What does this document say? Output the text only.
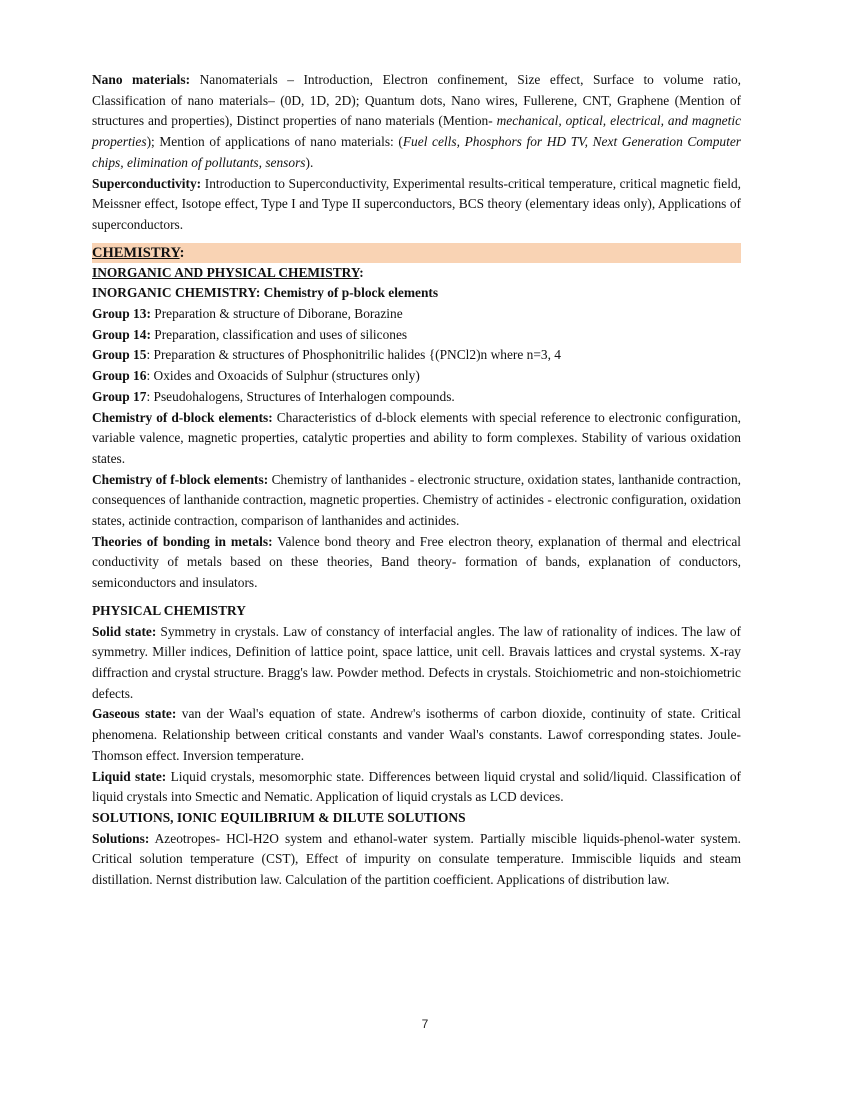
Nano materials: Nanomaterials – Introduction, Electron confinement, Size effect, Surface to volume ratio, Classification of nano materials– (0D, 1D, 2D); Quantum dots, Nano wires, Fullerene, CNT, Graphene (Mention of structures and properties), Distinct properties of nano materials (Mention- mechanical, optical, electrical, and magnetic properties); Mention of applications of nano materials: (Fuel cells, Phosphors for HD TV, Next Generation Computer chips, elimination of pollutants, sensors).

Superconductivity: Introduction to Superconductivity, Experimental results-critical temperature, critical magnetic field, Meissner effect, Isotope effect, Type I and Type II superconductors, BCS theory (elementary ideas only), Applications of superconductors.

CHEMISTRY:

INORGANIC AND PHYSICAL CHEMISTRY:

INORGANIC CHEMISTRY: Chemistry of p-block elements

Group 13: Preparation & structure of Diborane, Borazine

Group 14: Preparation, classification and uses of silicones

Group 15: Preparation & structures of Phosphonitrilic halides {(PNCl2)n where n=3, 4

Group 16: Oxides and Oxoacids of Sulphur (structures only)

Group 17: Pseudohalogens, Structures of Interhalogen compounds.

Chemistry of d-block elements: Characteristics of d-block elements with special reference to electronic configuration, variable valence, magnetic properties, catalytic properties and ability to form complexes. Stability of various oxidation states.

Chemistry of f-block elements: Chemistry of lanthanides - electronic structure, oxidation states, lanthanide contraction, consequences of lanthanide contraction, magnetic properties. Chemistry of actinides - electronic configuration, oxidation states, actinide contraction, comparison of lanthanides and actinides.

Theories of bonding in metals: Valence bond theory and Free electron theory, explanation of thermal and electrical conductivity of metals based on these theories, Band theory- formation of bands, explanation of conductors, semiconductors and insulators.

PHYSICAL CHEMISTRY

Solid state: Symmetry in crystals. Law of constancy of interfacial angles. The law of rationality of indices. The law of symmetry. Miller indices, Definition of lattice point, space lattice, unit cell. Bravais lattices and crystal systems. X-ray diffraction and crystal structure. Bragg's law. Powder method. Defects in crystals. Stoichiometric and non-stoichiometric defects.

Gaseous state: van der Waal's equation of state. Andrew's isotherms of carbon dioxide, continuity of state. Critical phenomena. Relationship between critical constants and vander Waal's constants. Lawof corresponding states. Joule- Thomson effect. Inversion temperature.

Liquid state: Liquid crystals, mesomorphic state. Differences between liquid crystal and solid/liquid. Classification of liquid crystals into Smectic and Nematic. Application of liquid crystals as LCD devices.

SOLUTIONS, IONIC EQUILIBRIUM & DILUTE SOLUTIONS

Solutions: Azeotropes- HCl-H2O system and ethanol-water system. Partially miscible liquids-phenol-water system. Critical solution temperature (CST), Effect of impurity on consulate temperature. Immiscible liquids and steam distillation. Nernst distribution law. Calculation of the partition coefficient. Applications of distribution law.

7
